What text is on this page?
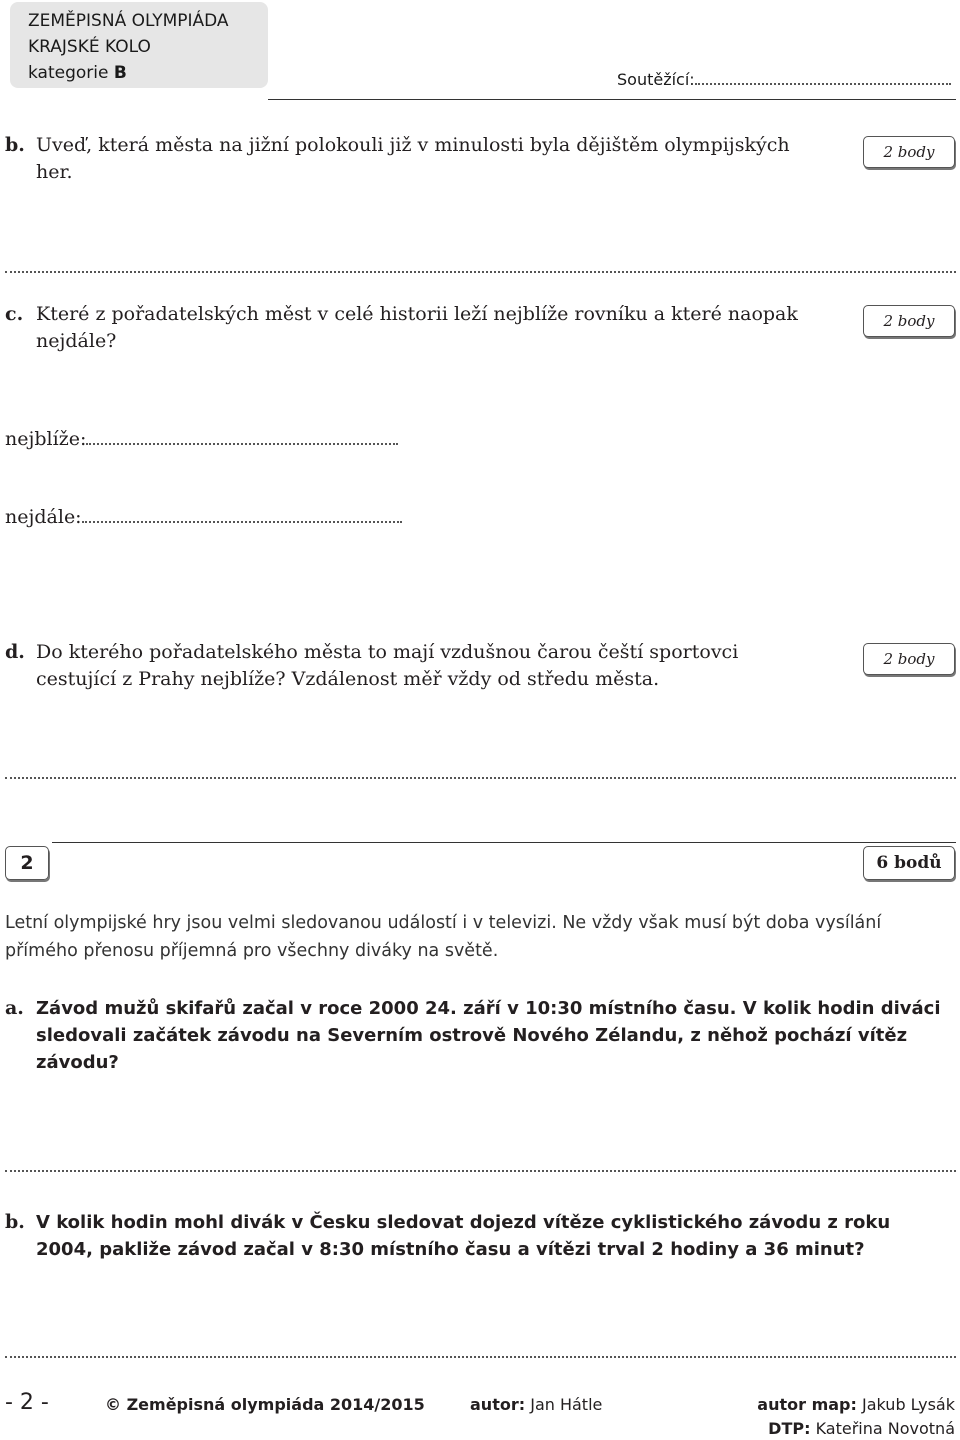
ZEMĚPISNÁ OLYMPIÁDA
KRAJSKÉ KOLO
kategorie B	Soutěžící:
b. Uveď, která města na jižní polokouli již v minulosti byla dějištěm olympijských
her.
2 body
c. Které z pořadatelských měst v celé historii leží nejblíže rovníku a které naopak
nejdále?
2 body
nejblíže:
nejdále:
d. Do kterého pořadatelského města to mají vzdušnou čarou čeští sportovci
cestující z Prahy nejblíže? Vzdálenost měř vždy od středu města.
2 body
2	6 bodů
Letní olympijské hry jsou velmi sledovanou událostí i v televizi. Ne vždy však musí být doba vysílání
přímého přenosu příjemná pro všechny diváky na světě.
a. Závod mužů skifařů začal v roce 2000 24. září v 10:30 místního času. V kolik hodin diváci
sledovali začátek závodu na Severním ostrově Nového Zélandu, z něhož pochází vítěz
závodu?
b. V kolik hodin mohl divák v Česku sledovat dojezd vítěze cyklistického závodu z roku
2004, pakliže závod začal v 8:30 místního času a vítězi trval 2 hodiny a 36 minut?
- 2 -	© Zeměpisná olympiáda 2014/2015	autor: Jan Hátle	autor map: Jakub Lysák
DTP: Kateřina Novotná
